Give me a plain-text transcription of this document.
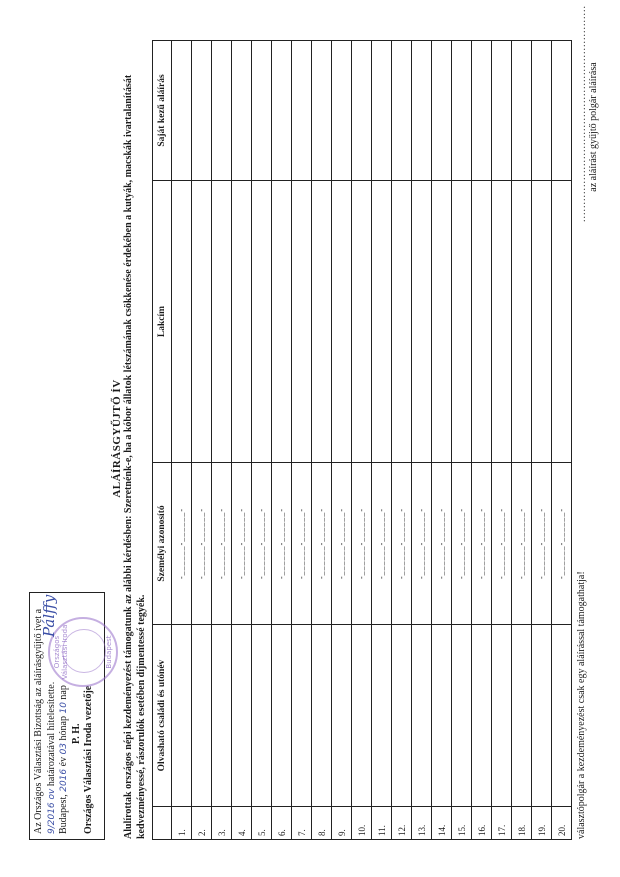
Az Országos Választási Bizottság az aláírásgyűjtő ívet a 9/2016 ov határozatával hitelesítette.
Budapest, 2016 év 03 hónap 10 nap
P. H. Országos Választási Iroda vezetője
Országos Választási Iroda	Budapest
Pálffy
ALÁÍRÁSGYŰJTŐ ÍV Alulírottak országos népi kezdeményezést támogatunk az alábbi kérdésben: Szeretnénk-e, ha a kóbor állatok létszámának csökkenése érdekében a kutyák, macskák ivartalanítását kedvezményessé, rászorulók esetében díjmentessé tegyék.
	Olvasható családi és utónév	Személyi azonosító	Lakcím	Saját kezű aláírás
1.		-______-______-		
2.		-______-______-		
3.		-______-______-		
4.		-______-______-		
5.		-______-______-		
6.		-______-______-		
7.		-______-______-		
8.		-______-______-		
9.		-______-______-		
10.		-______-______-		
11.		-______-______-		
12.		-______-______-		
13.		-______-______-		
14.		-______-______-		
15.		-______-______-		
16.		-______-______-		
17.		-______-______-		
18.		-______-______-		
19.		-______-______-		
20.		-______-______-		
választópolgár a kezdeményezést csak egy aláírással támogathatja!
.............................................................. az aláírást gyűjtő polgár aláírása
